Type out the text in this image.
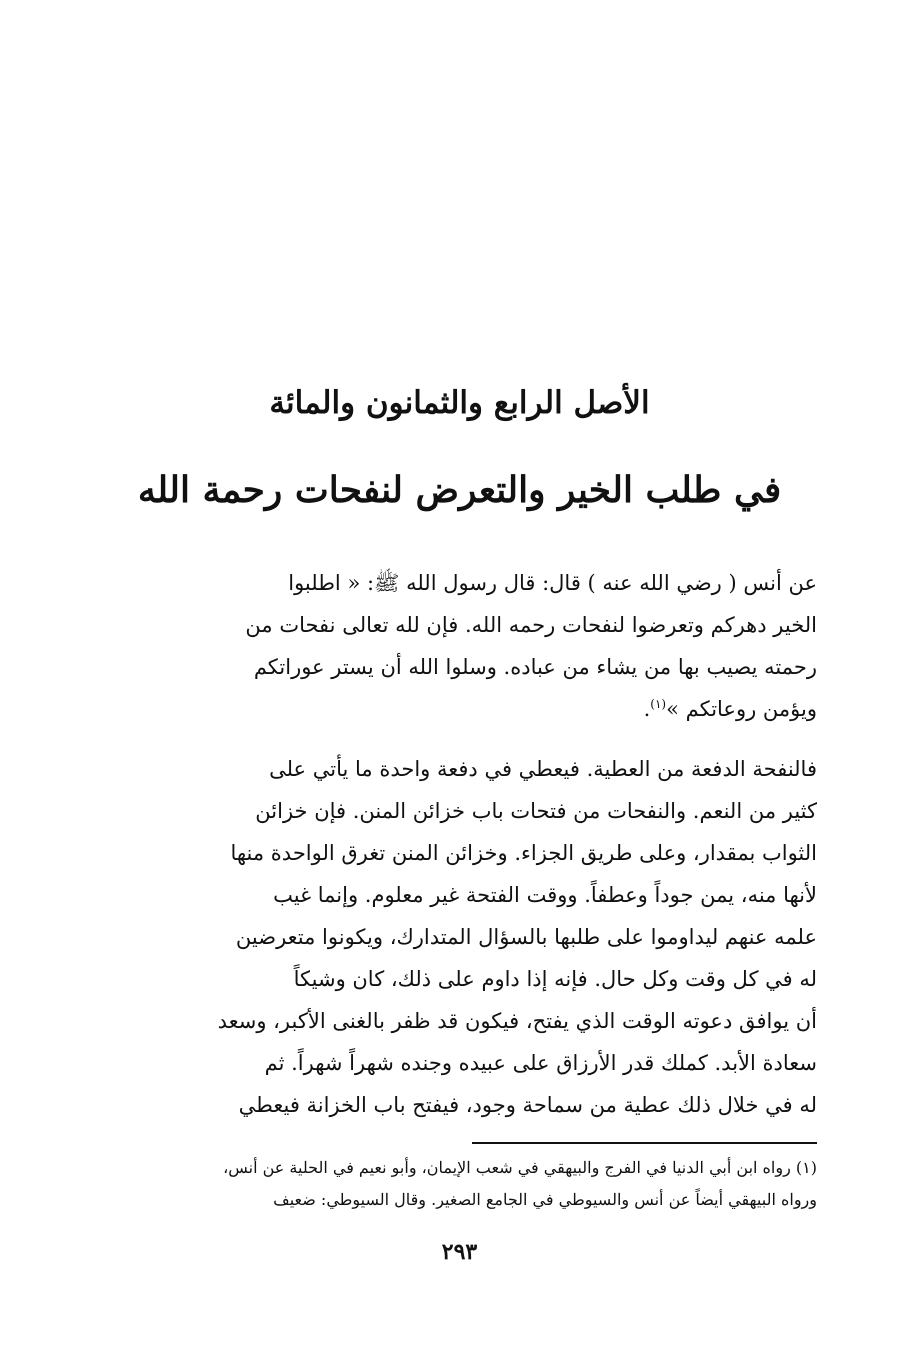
الأصل الرابع والثمانون والمائة
في طلب الخير والتعرض لنفحات رحمة الله

عن أنس ( رضي الله عنه ) قال: قال رسول الله ﷺ: « اطلبوا
الخير دهركم وتعرضوا لنفحات رحمه الله. فإن لله تعالى نفحات من
رحمته يصيب بها من يشاء من عباده. وسلوا الله أن يستر عوراتكم
ويؤمن روعاتكم »$^{(١)}$.

فالنفحة الدفعة من العطية. فيعطي في دفعة واحدة ما يأتي على
كثير من النعم. والنفحات من فتحات باب خزائن المنن. فإن خزائن
الثواب بمقدار، وعلى طريق الجزاء. وخزائن المنن تغرق الواحدة منها
لأنها منه، يمن جوداً وعطفاً. ووقت الفتحة غير معلوم. وإنما غيب
علمه عنهم ليداوموا على طلبها بالسؤال المتدارك، ويكونوا متعرضين
له في كل وقت وكل حال. فإنه إذا داوم على ذلك، كان وشيكاً
أن يوافق دعوته الوقت الذي يفتح، فيكون قد ظفر بالغنى الأكبر، وسعد
سعادة الأبد. كملك قدر الأرزاق على عبيده وجنده شهراً شهراً. ثم
له في خلال ذلك عطية من سماحة وجود، فيفتح باب الخزانة فيعطي

(١) رواه ابن أبي الدنيا في الفرج والبيهقي في شعب الإيمان، وأبو نعيم في الحلية عن أنس،
ورواه البيهقي أيضاً عن أنس والسيوطي في الجامع الصغير. وقال السيوطي: ضعيف

٢٩٣
